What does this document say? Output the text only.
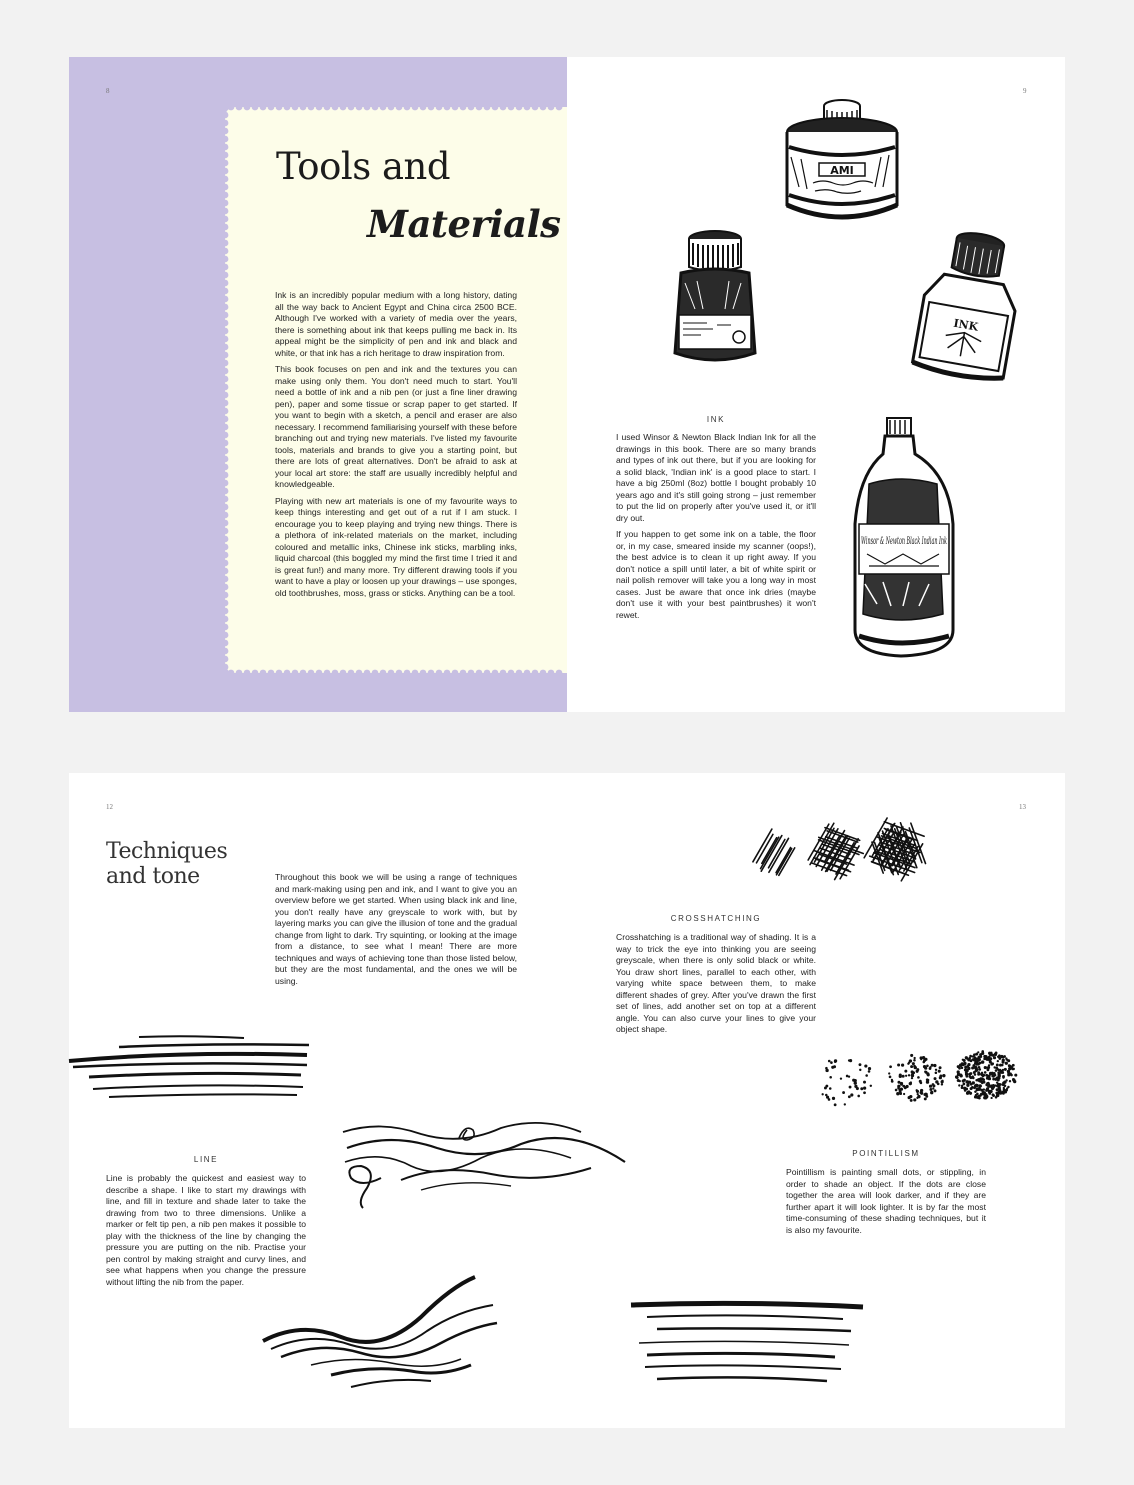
8	9
Tools and
Materials

Ink is an incredibly popular medium with a long history, dating all the way back to Ancient Egypt and China circa 2500 BCE. Although I've worked with a variety of media over the years, there is something about ink that keeps pulling me back in. Its appeal might be the simplicity of pen and ink and black and white, or that ink has a rich heritage to draw inspiration from.

This book focuses on pen and ink and the textures you can make using only them. You don't need much to start. You'll need a bottle of ink and a nib pen (or just a fine liner drawing pen), paper and some tissue or scrap paper to get started. If you want to begin with a sketch, a pencil and eraser are also necessary. I recommend familiarising yourself with these before branching out and trying new materials. I've listed my favourite tools, materials and brands to give you a starting point, but there are lots of great alternatives. Don't be afraid to ask at your local art store: the staff are usually incredibly helpful and knowledgeable.

Playing with new art materials is one of my favourite ways to keep things interesting and get out of a rut if I am stuck. I encourage you to keep playing and trying new things. There is a plethora of ink-related materials on the market, including coloured and metallic inks, Chinese ink sticks, marbling inks, liquid charcoal (this boggled my mind the first time I tried it and is great fun!) and many more. Try different drawing tools if you want to have a play or loosen up your drawings – use sponges, old toothbrushes, moss, grass or sticks. Anything can be a tool.

INK

I used Winsor & Newton Black Indian Ink for all the drawings in this book. There are so many brands and types of ink out there, but if you are looking for a solid black, 'Indian ink' is a good place to start. I have a big 250ml (8oz) bottle I bought probably 10 years ago and it's still going strong – just remember to put the lid on properly after you've used it, or it'll dry out.

If you happen to get some ink on a table, the floor or, in my case, smeared inside my scanner (oops!), the best advice is to clean it up right away. If you don't notice a spill until later, a bit of white spirit or nail polish remover will take you a long way in most cases. Just be aware that once ink dries (maybe don't use it with your best paintbrushes) it won't rewet.

AMI
INK
Winsor & Newton Black Indian Ink
12	13
Techniques
and tone	Throughout this book we will be using a range of techniques and mark-making using pen and ink, and I want to give you an overview before we get started. When using black ink and line, you don't really have any greyscale to work with, but by layering marks you can give the illusion of tone and the gradual change from light to dark. Try squinting, or looking at the image from a distance, to see what I mean! There are more techniques and ways of achieving tone than those listed below, but they are the most fundamental, and the ones we will be using.
CROSSHATCHING
Crosshatching is a traditional way of shading. It is a way to trick the eye into thinking you are seeing greyscale, when there is only solid black or white. You draw short lines, parallel to each other, with varying white space between them, to make different shades of grey. After you've drawn the first set of lines, add another set on top at a different angle. You can also curve your lines to give your object shape.
LINE
Line is probably the quickest and easiest way to describe a shape. I like to start my drawings with line, and fill in texture and shade later to take the drawing from two to three dimensions. Unlike a marker or felt tip pen, a nib pen makes it possible to play with the thickness of the line by changing the pressure you are putting on the nib. Practise your pen control by making straight and curvy lines, and see what happens when you change the pressure without lifting the nib from the paper.
POINTILLISM
Pointillism is painting small dots, or stippling, in order to shade an object. If the dots are close together the area will look darker, and if they are further apart it will look lighter. It is by far the most time-consuming of these shading techniques, but it is also my favourite.
